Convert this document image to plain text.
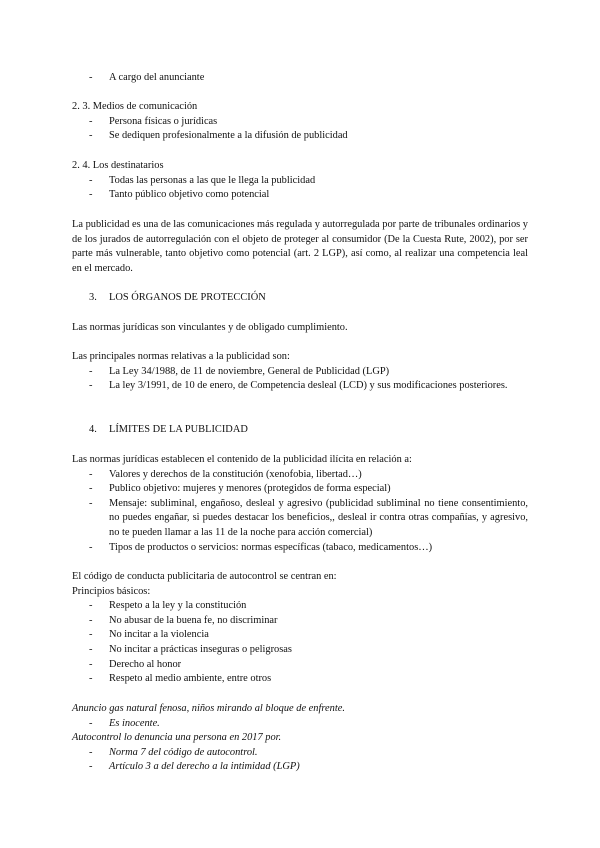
- A cargo del anunciante
2. 3. Medios de comunicación
- Persona físicas o jurídicas
- Se dediquen profesionalmente a la difusión de publicidad
2. 4. Los destinatarios
- Todas las personas a las que le llega la publicidad
- Tanto público objetivo como potencial
La publicidad es una de las comunicaciones más regulada y autorregulada por parte de tribunales ordinarios y de los jurados de autorregulación con el objeto de proteger al consumidor (De la Cuesta Rute, 2002), por ser parte más vulnerable, tanto objetivo como potencial (art. 2 LGP), así como, al realizar una competencia leal en el mercado.
3. LOS ÓRGANOS DE PROTECCIÓN
Las normas jurídicas son vinculantes y de obligado cumplimiento.
Las principales normas relativas a la publicidad son:
- La Ley 34/1988, de 11 de noviembre, General de Publicidad (LGP)
- La ley 3/1991, de 10 de enero, de Competencia desleal (LCD) y sus modificaciones posteriores.
4. LÍMITES DE LA PUBLICIDAD
Las normas jurídicas establecen el contenido de la publicidad ilícita en relación a:
- Valores y derechos de la constitución (xenofobia, libertad…)
- Publico objetivo: mujeres y menores (protegidos de forma especial)
- Mensaje: subliminal, engañoso, desleal y agresivo (publicidad subliminal no tiene consentimiento, no puedes engañar, si puedes destacar los beneficios,, desleal ir contra otras compañías, y agresivo, no te pueden llamar a las 11 de la noche para acción comercial)
- Tipos de productos o servicios: normas específicas (tabaco, medicamentos…)
El código de conducta publicitaria de autocontrol se centran en:
Principios básicos:
- Respeto a la ley y la constitución
- No abusar de la buena fe, no discriminar
- No incitar a la violencia
- No incitar a prácticas inseguras o peligrosas
- Derecho al honor
- Respeto al medio ambiente, entre otros
Anuncio gas natural fenosa, niños mirando al bloque de enfrente.
- Es inocente.
Autocontrol lo denuncia una persona en 2017 por.
- Norma 7 del código de autocontrol.
- Artículo 3 a del derecho a la intimidad (LGP)
